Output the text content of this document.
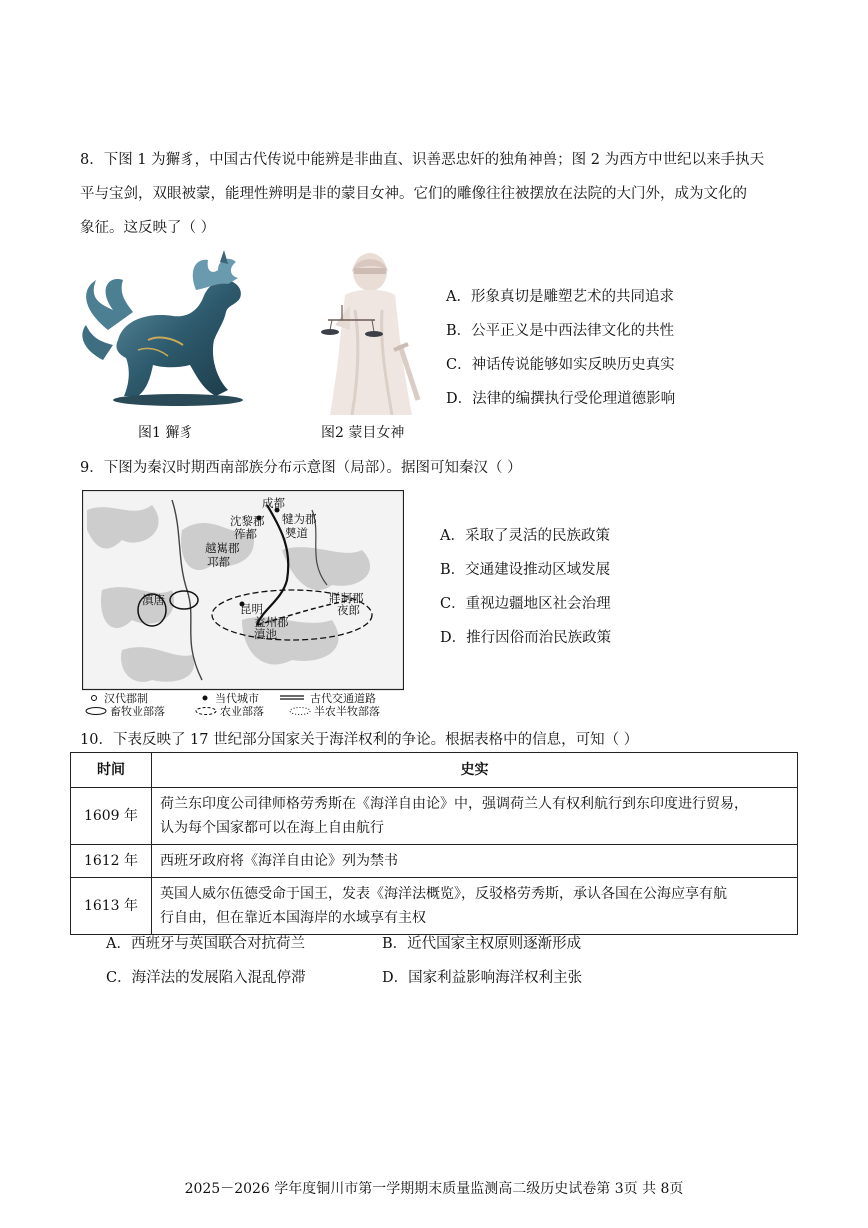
8．下图 1 为獬豸，中国古代传说中能辨是非曲直、识善恶忠奸的独角神兽；图 2 为西方中世纪以来手执天
平与宝剑，双眼被蒙，能理性辨明是非的蒙目女神。它们的雕像往往被摆放在法院的大门外，成为文化的
象征。这反映了（ ）
图1 獬豸	图2 蒙目女神
A．形象真切是雕塑艺术的共同追求
B．公平正义是中西法律文化的共性
C．神话传说能够如实反映历史真实
D．法律的编撰执行受伦理道德影响
9．下图为秦汉时期西南部族分布示意图（局部）。据图可知秦汉（ ）
成都
沈黎郡
筰都
犍为郡
僰道
越嶲郡
邛都
滇唐
昆明
牂牁郡
夜郎
益州郡
滇池
汉代郡制	当代城市	古代交通道路
畜牧业部落	农业部落	半农半牧部落
A．采取了灵活的民族政策
B．交通建设推动区域发展
C．重视边疆地区社会治理
D．推行因俗而治民族政策
10．下表反映了 17 世纪部分国家关于海洋权利的争论。根据表格中的信息，可知（ ）
时间	史实
1609 年	荷兰东印度公司律师格劳秀斯在《海洋自由论》中，强调荷兰人有权利航行到东印度进行贸易，
认为每个国家都可以在海上自由航行

1612 年	西班牙政府将《海洋自由论》列为禁书

1613 年	英国人威尔伍德受命于国王，发表《海洋法概览》，反驳格劳秀斯，承认各国在公海应享有航
行自由，但在靠近本国海岸的水域享有主权
A．西班牙与英国联合对抗荷兰	B．近代国家主权原则逐渐形成
C．海洋法的发展陷入混乱停滞	D．国家利益影响海洋权利主张
2025－2026 学年度铜川市第一学期期末质量监测高二级历史试卷第 3页 共 8页
